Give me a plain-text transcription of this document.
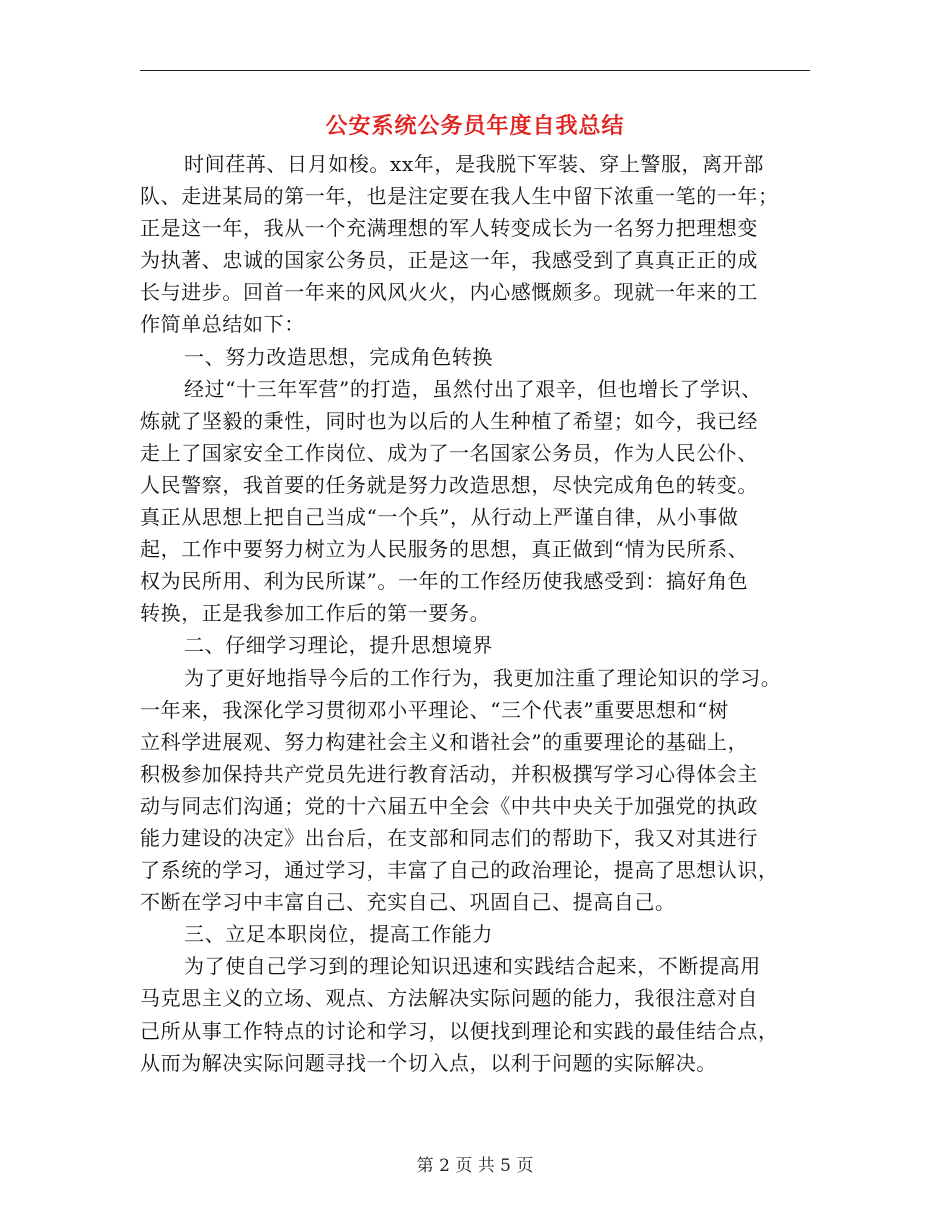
公安系统公务员年度自我总结
时间荏苒、日月如梭。xx年，是我脱下军装、穿上警服，离开部
队、走进某局的第一年，也是注定要在我人生中留下浓重一笔的一年；
正是这一年，我从一个充满理想的军人转变成长为一名努力把理想变
为执著、忠诚的国家公务员，正是这一年，我感受到了真真正正的成
长与进步。回首一年来的风风火火，内心感慨颇多。现就一年来的工
作简单总结如下：
一、努力改造思想，完成角色转换
经过“十三年军营”的打造，虽然付出了艰辛，但也增长了学识、
炼就了坚毅的秉性，同时也为以后的人生种植了希望；如今，我已经
走上了国家安全工作岗位、成为了一名国家公务员，作为人民公仆、
人民警察，我首要的任务就是努力改造思想，尽快完成角色的转变。
真正从思想上把自己当成“一个兵”，从行动上严谨自律，从小事做
起，工作中要努力树立为人民服务的思想，真正做到“情为民所系、
权为民所用、利为民所谋”。一年的工作经历使我感受到：搞好角色
转换，正是我参加工作后的第一要务。
二、仔细学习理论，提升思想境界
为了更好地指导今后的工作行为，我更加注重了理论知识的学习。
一年来，我深化学习贯彻邓小平理论、“三个代表”重要思想和“树
立科学进展观、努力构建社会主义和谐社会”的重要理论的基础上，
积极参加保持共产党员先进行教育活动，并积极撰写学习心得体会主
动与同志们沟通；党的十六届五中全会《中共中央关于加强党的执政
能力建设的决定》出台后，在支部和同志们的帮助下，我又对其进行
了系统的学习，通过学习，丰富了自己的政治理论，提高了思想认识，
不断在学习中丰富自己、充实自己、巩固自己、提高自己。
三、立足本职岗位，提高工作能力
为了使自己学习到的理论知识迅速和实践结合起来，不断提高用
马克思主义的立场、观点、方法解决实际问题的能力，我很注意对自
己所从事工作特点的讨论和学习，以便找到理论和实践的最佳结合点，
从而为解决实际问题寻找一个切入点，以利于问题的实际解决。
第 2 页 共 5 页
